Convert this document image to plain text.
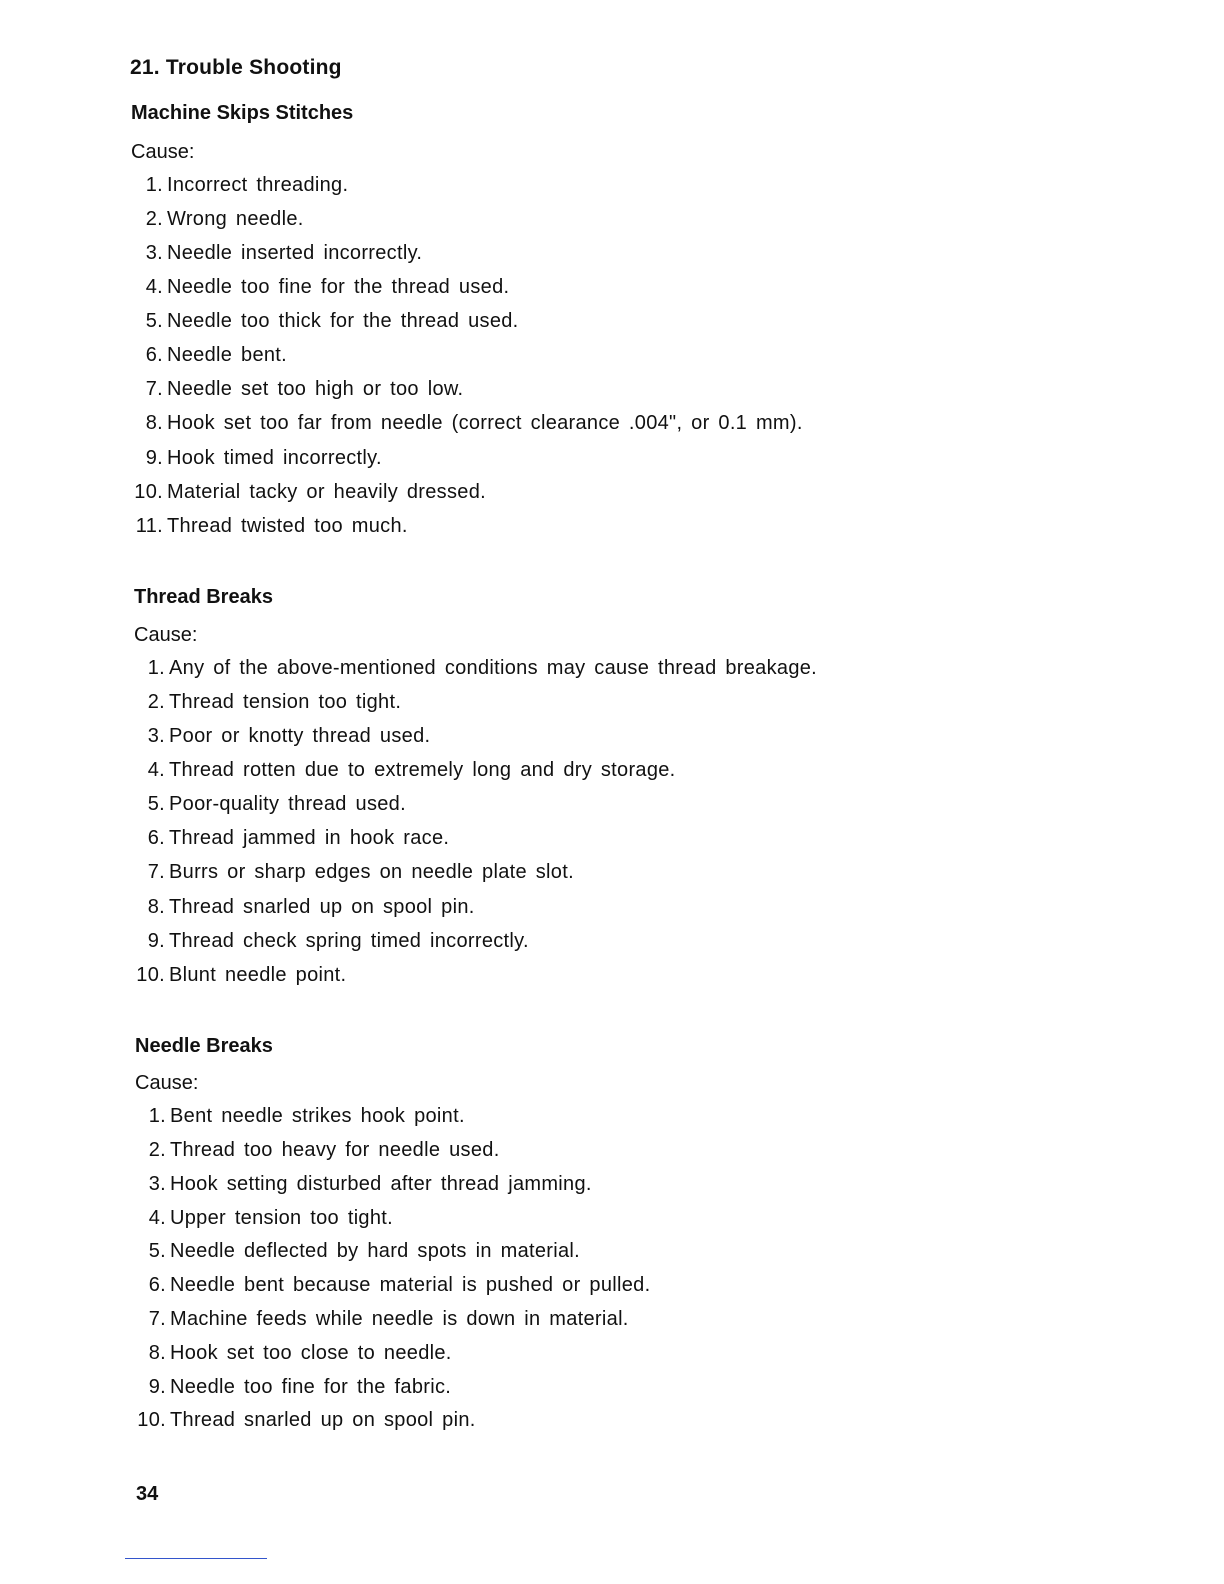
21. Trouble Shooting
Machine Skips Stitches
Cause:
1. Incorrect threading.
2. Wrong needle.
3. Needle inserted incorrectly.
4. Needle too fine for the thread used.
5. Needle too thick for the thread used.
6. Needle bent.
7. Needle set too high or too low.
8. Hook set too far from needle (correct clearance .004", or 0.1 mm).
9. Hook timed incorrectly.
10. Material tacky or heavily dressed.
11. Thread twisted too much.
Thread Breaks
Cause:
1. Any of the above-mentioned conditions may cause thread breakage.
2. Thread tension too tight.
3. Poor or knotty thread used.
4. Thread rotten due to extremely long and dry storage.
5. Poor-quality thread used.
6. Thread jammed in hook race.
7. Burrs or sharp edges on needle plate slot.
8. Thread snarled up on spool pin.
9. Thread check spring timed incorrectly.
10. Blunt needle point.
Needle Breaks
Cause:
1. Bent needle strikes hook point.
2. Thread too heavy for needle used.
3. Hook setting disturbed after thread jamming.
4. Upper tension too tight.
5. Needle deflected by hard spots in material.
6. Needle bent because material is pushed or pulled.
7. Machine feeds while needle is down in material.
8. Hook set too close to needle.
9. Needle too fine for the fabric.
10. Thread snarled up on spool pin.
34
